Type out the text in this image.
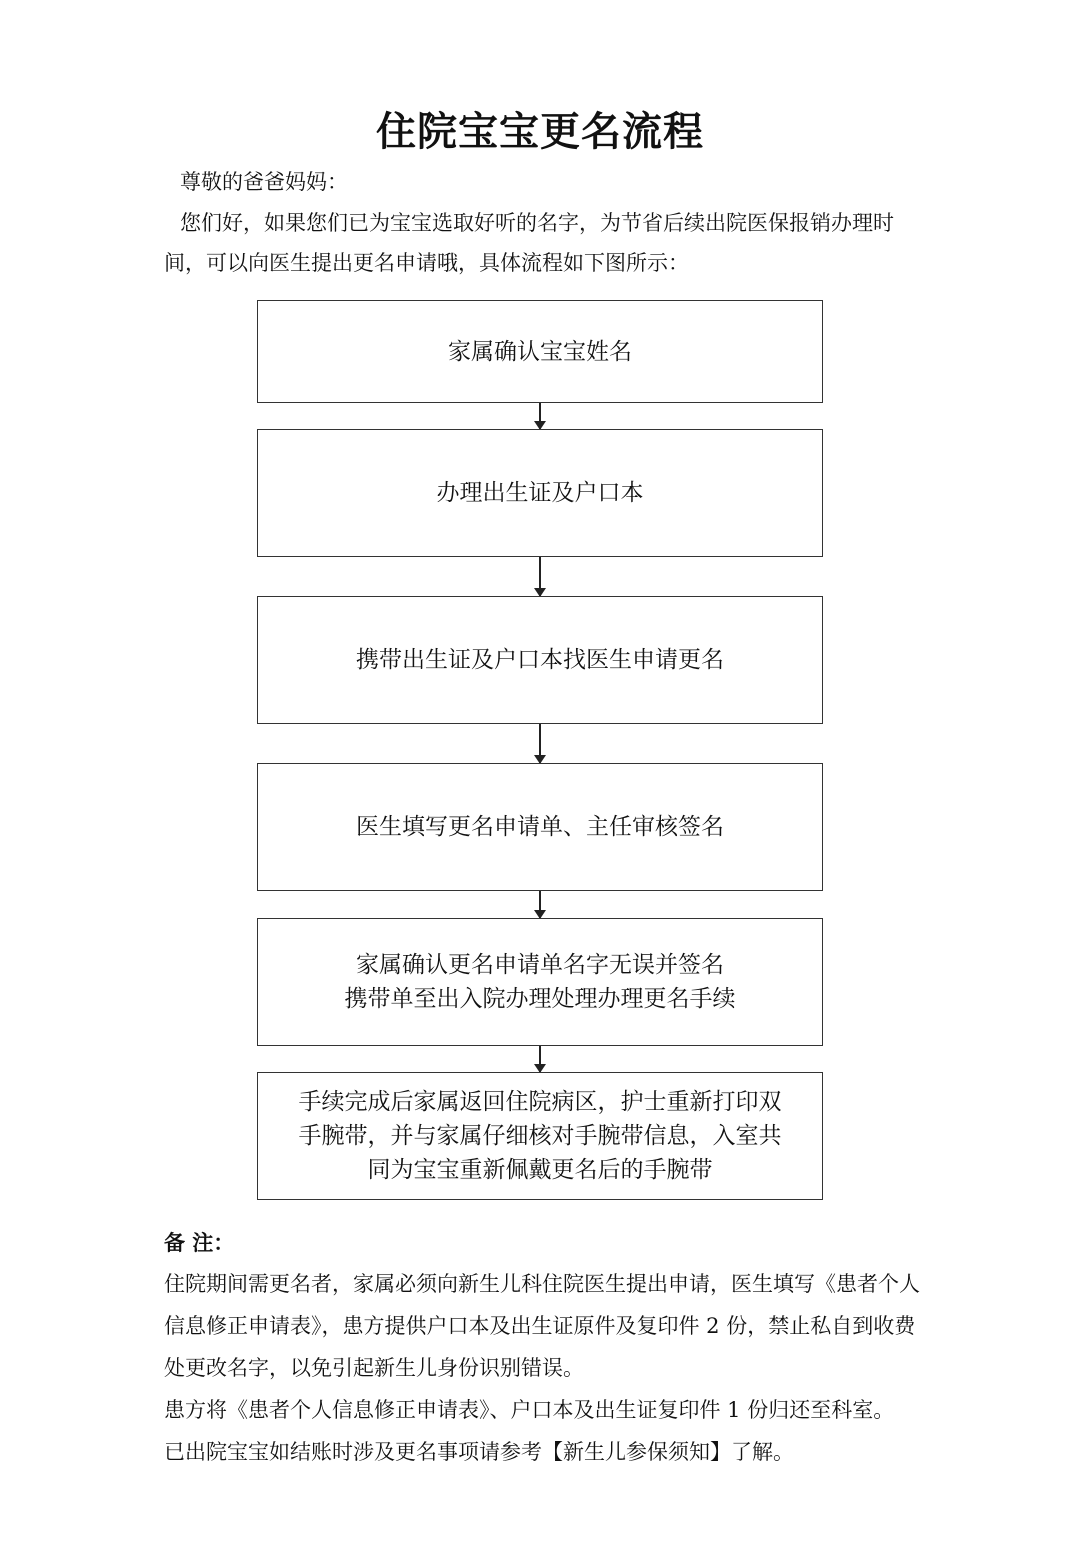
住院宝宝更名流程
尊敬的爸爸妈妈：
您们好，如果您们已为宝宝选取好听的名字，为节省后续出院医保报销办理时间，可以向医生提出更名申请哦，具体流程如下图所示：
家属确认宝宝姓名
办理出生证及户口本
携带出生证及户口本找医生申请更名
医生填写更名申请单、主任审核签名
家属确认更名申请单名字无误并签名
携带单至出入院办理处理办理更名手续
手续完成后家属返回住院病区，护士重新打印双
手腕带，并与家属仔细核对手腕带信息，入室共
同为宝宝重新佩戴更名后的手腕带
备 注：

住院期间需更名者，家属必须向新生儿科住院医生提出申请，医生填写《患者个人信息修正申请表》，患方提供户口本及出生证原件及复印件 2 份，禁止私自到收费处更改名字，以免引起新生儿身份识别错误。

患方将《患者个人信息修正申请表》、户口本及出生证复印件 1 份归还至科室。

已出院宝宝如结账时涉及更名事项请参考【新生儿参保须知】了解。
